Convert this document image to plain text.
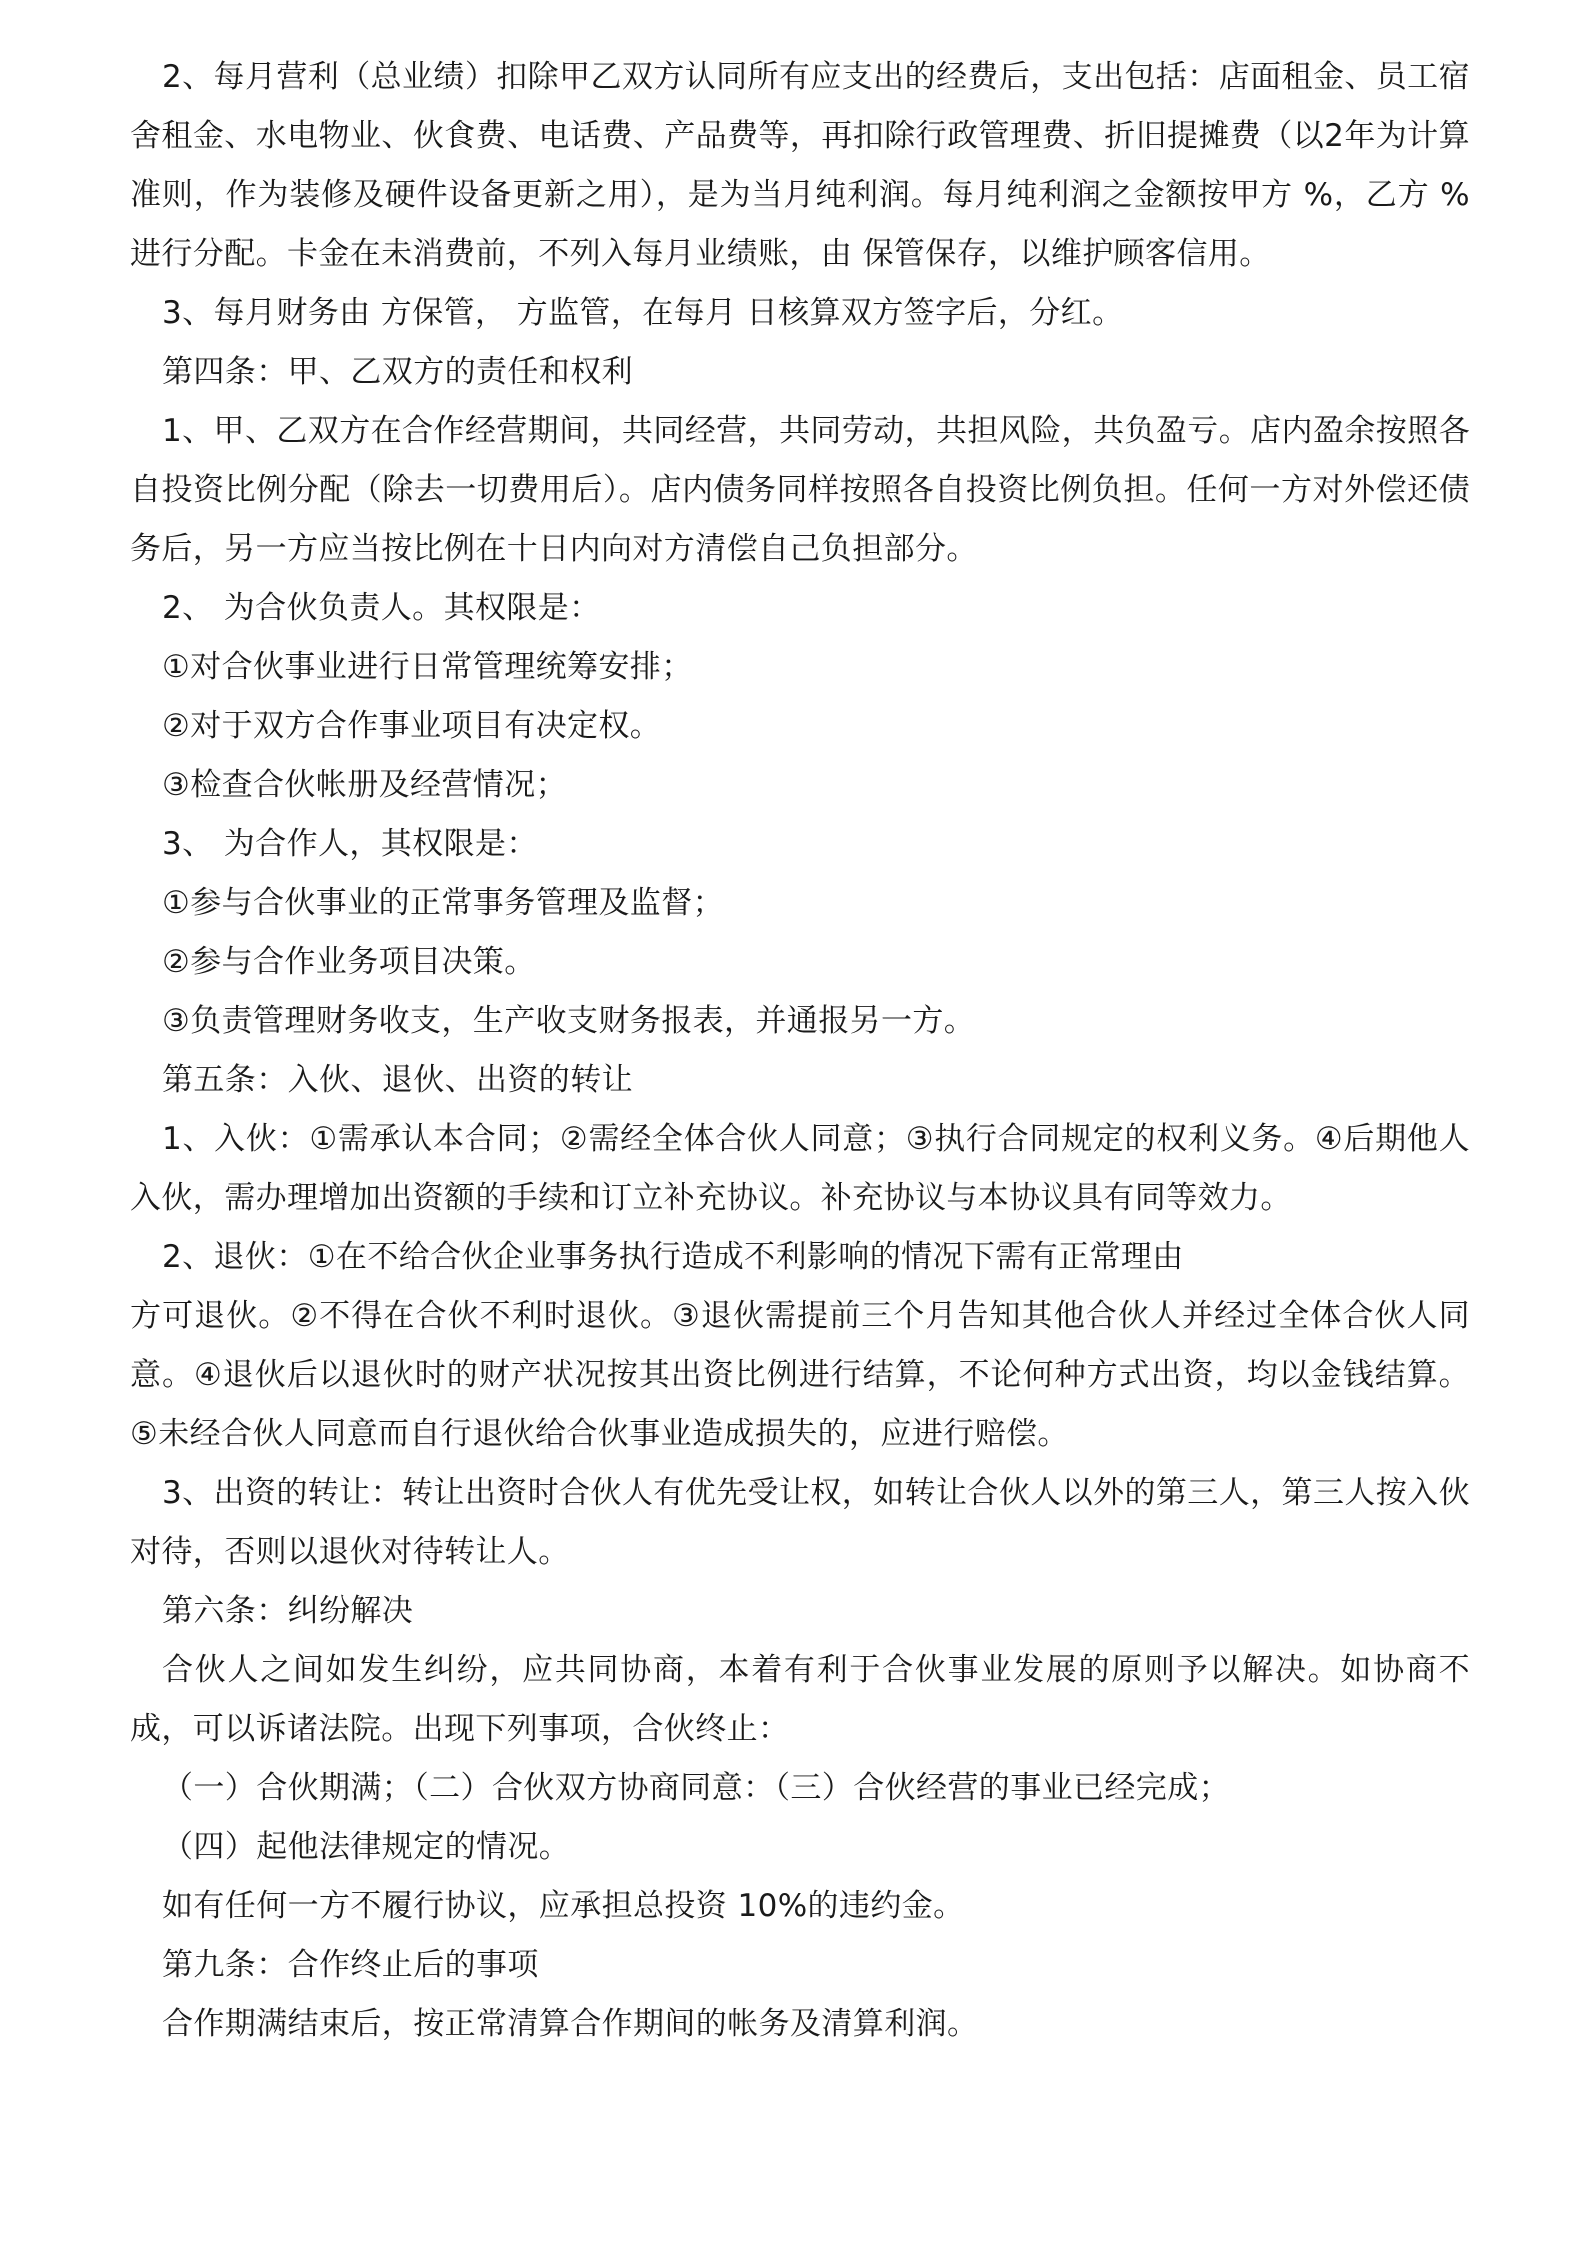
2、每月营利（总业绩）扣除甲乙双方认同所有应支出的经费后，支出包括：店面租金、员工宿舍租金、水电物业、伙食费、电话费、产品费等，再扣除行政管理费、折旧提摊费（以2年为计算准则，作为装修及硬件设备更新之用），是为当月纯利润。每月纯利润之金额按甲方 %，乙方 %进行分配。卡金在未消费前，不列入每月业绩账，由 保管保存，以维护顾客信用。

3、每月财务由 方保管， 方监管，在每月 日核算双方签字后，分红。

第四条：甲、乙双方的责任和权利

1、甲、乙双方在合作经营期间，共同经营，共同劳动，共担风险，共负盈亏。店内盈余按照各自投资比例分配（除去一切费用后）。店内债务同样按照各自投资比例负担。任何一方对外偿还债务后，另一方应当按比例在十日内向对方清偿自己负担部分。

2、 为合伙负责人。其权限是：

①对合伙事业进行日常管理统筹安排；

②对于双方合作事业项目有决定权。

③检查合伙帐册及经营情况；

3、 为合作人，其权限是：

①参与合伙事业的正常事务管理及监督；

②参与合作业务项目决策。

③负责管理财务收支，生产收支财务报表，并通报另一方。

第五条：入伙、退伙、出资的转让

1、入伙：①需承认本合同；②需经全体合伙人同意；③执行合同规定的权利义务。④后期他人入伙，需办理增加出资额的手续和订立补充协议。补充协议与本协议具有同等效力。

2、退伙：①在不给合伙企业事务执行造成不利影响的情况下需有正常理由

方可退伙。②不得在合伙不利时退伙。③退伙需提前三个月告知其他合伙人并经过全体合伙人同意。④退伙后以退伙时的财产状况按其出资比例进行结算，不论何种方式出资，均以金钱结算。⑤未经合伙人同意而自行退伙给合伙事业造成损失的，应进行赔偿。

3、出资的转让：转让出资时合伙人有优先受让权，如转让合伙人以外的第三人，第三人按入伙对待，否则以退伙对待转让人。

第六条：纠纷解决

合伙人之间如发生纠纷，应共同协商，本着有利于合伙事业发展的原则予以解决。如协商不成，可以诉诸法院。出现下列事项，合伙终止：

（一）合伙期满；（二）合伙双方协商同意：（三）合伙经营的事业已经完成；

（四）起他法律规定的情况。

如有任何一方不履行协议，应承担总投资 10%的违约金。

第九条：合作终止后的事项

合作期满结束后，按正常清算合作期间的帐务及清算利润。
